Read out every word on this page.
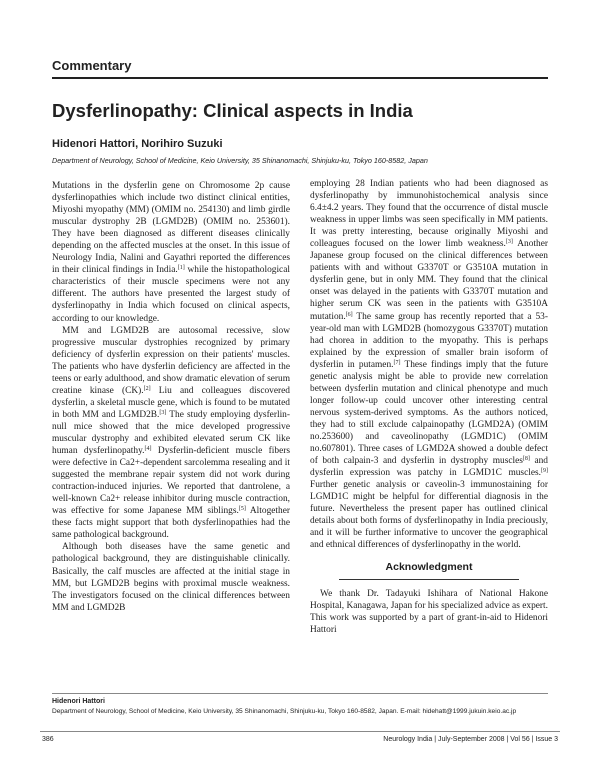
Commentary
Dysferlinopathy: Clinical aspects in India
Hidenori Hattori, Norihiro Suzuki
Department of Neurology, School of Medicine, Keio University, 35 Shinanomachi, Shinjuku-ku, Tokyo 160-8582, Japan

Mutations in the dysferlin gene on Chromosome 2p cause dysferlinopathies which include two distinct clinical entities, Miyoshi myopathy (MM) (OMIM no. 254130) and limb girdle muscular dystrophy 2B (LGMD2B) (OMIM no. 253601). They have been diagnosed as different diseases clinically depending on the affected muscles at the onset. In this issue of Neurology India, Nalini and Gayathri reported the differences in their clinical findings in India.[1] while the histopathological characteristics of their muscle specimens were not any different. The authors have presented the largest study of dysferlinopathy in India which focused on clinical aspects, according to our knowledge.

MM and LGMD2B are autosomal recessive, slow progressive muscular dystrophies recognized by primary deficiency of dysferlin expression on their patients' muscles. The patients who have dysferlin deficiency are affected in the teens or early adulthood, and show dramatic elevation of serum creatine kinase (CK).[2] Liu and colleagues discovered dysferlin, a skeletal muscle gene, which is found to be mutated in both MM and LGMD2B.[3] The study employing dysferlin-null mice showed that the mice developed progressive muscular dystrophy and exhibited elevated serum CK like human dysferlinopathy.[4] Dysferlin-deficient muscle fibers were defective in Ca2+-dependent sarcolemma resealing and it suggested the membrane repair system did not work during contraction-induced injuries. We reported that dantrolene, a well-known Ca2+ release inhibitor during muscle contraction, was effective for some Japanese MM siblings.[5] Altogether these facts might support that both dysferlinopathies had the same pathological background.

Although both diseases have the same genetic and pathological background, they are distinguishable clinically. Basically, the calf muscles are affected at the initial stage in MM, but LGMD2B begins with proximal muscle weakness. The investigators focused on the clinical differences between MM and LGMD2B

employing 28 Indian patients who had been diagnosed as dysferlinopathy by immunohistochemical analysis since 6.4±4.2 years. They found that the occurrence of distal muscle weakness in upper limbs was seen specifically in MM patients. It was pretty interesting, because originally Miyoshi and colleagues focused on the lower limb weakness.[3] Another Japanese group focused on the clinical differences between patients with and without G3370T or G3510A mutation in dysferlin gene, but in only MM. They found that the clinical onset was delayed in the patients with G3370T mutation and higher serum CK was seen in the patients with G3510A mutation.[6] The same group has recently reported that a 53-year-old man with LGMD2B (homozygous G3370T) mutation had chorea in addition to the myopathy. This is perhaps explained by the expression of smaller brain isoform of dysferlin in putamen.[7] These findings imply that the future genetic analysis might be able to provide new correlation between dysferlin mutation and clinical phenotype and much longer follow-up could uncover other interesting central nervous system-derived symptoms. As the authors noticed, they had to still exclude calpainopathy (LGMD2A) (OMIM no.253600) and caveolinopathy (LGMD1C) (OMIM no.607801). Three cases of LGMD2A showed a double defect of both calpain-3 and dysferlin in dystrophy muscles[8] and dysferlin expression was patchy in LGMD1C muscles.[9] Further genetic analysis or caveolin-3 immunostaining for LGMD1C might be helpful for differential diagnosis in the future. Nevertheless the present paper has outlined clinical details about both forms of dysferlinopathy in India preciously, and it will be further informative to uncover the geographical and ethnical differences of dysferlinopathy in the world.

Acknowledgment

We thank Dr. Tadayuki Ishihara of National Hakone Hospital, Kanagawa, Japan for his specialized advice as expert. This work was supported by a part of grant-in-aid to Hidenori Hattori

Hidenori Hattori
Department of Neurology, School of Medicine, Keio University, 35 Shinanomachi, Shinjuku-ku, Tokyo 160-8582, Japan. E-mail: hidehatt@1999.jukuin.keio.ac.jp
386	Neurology India | July-September 2008 | Vol 56 | Issue 3
